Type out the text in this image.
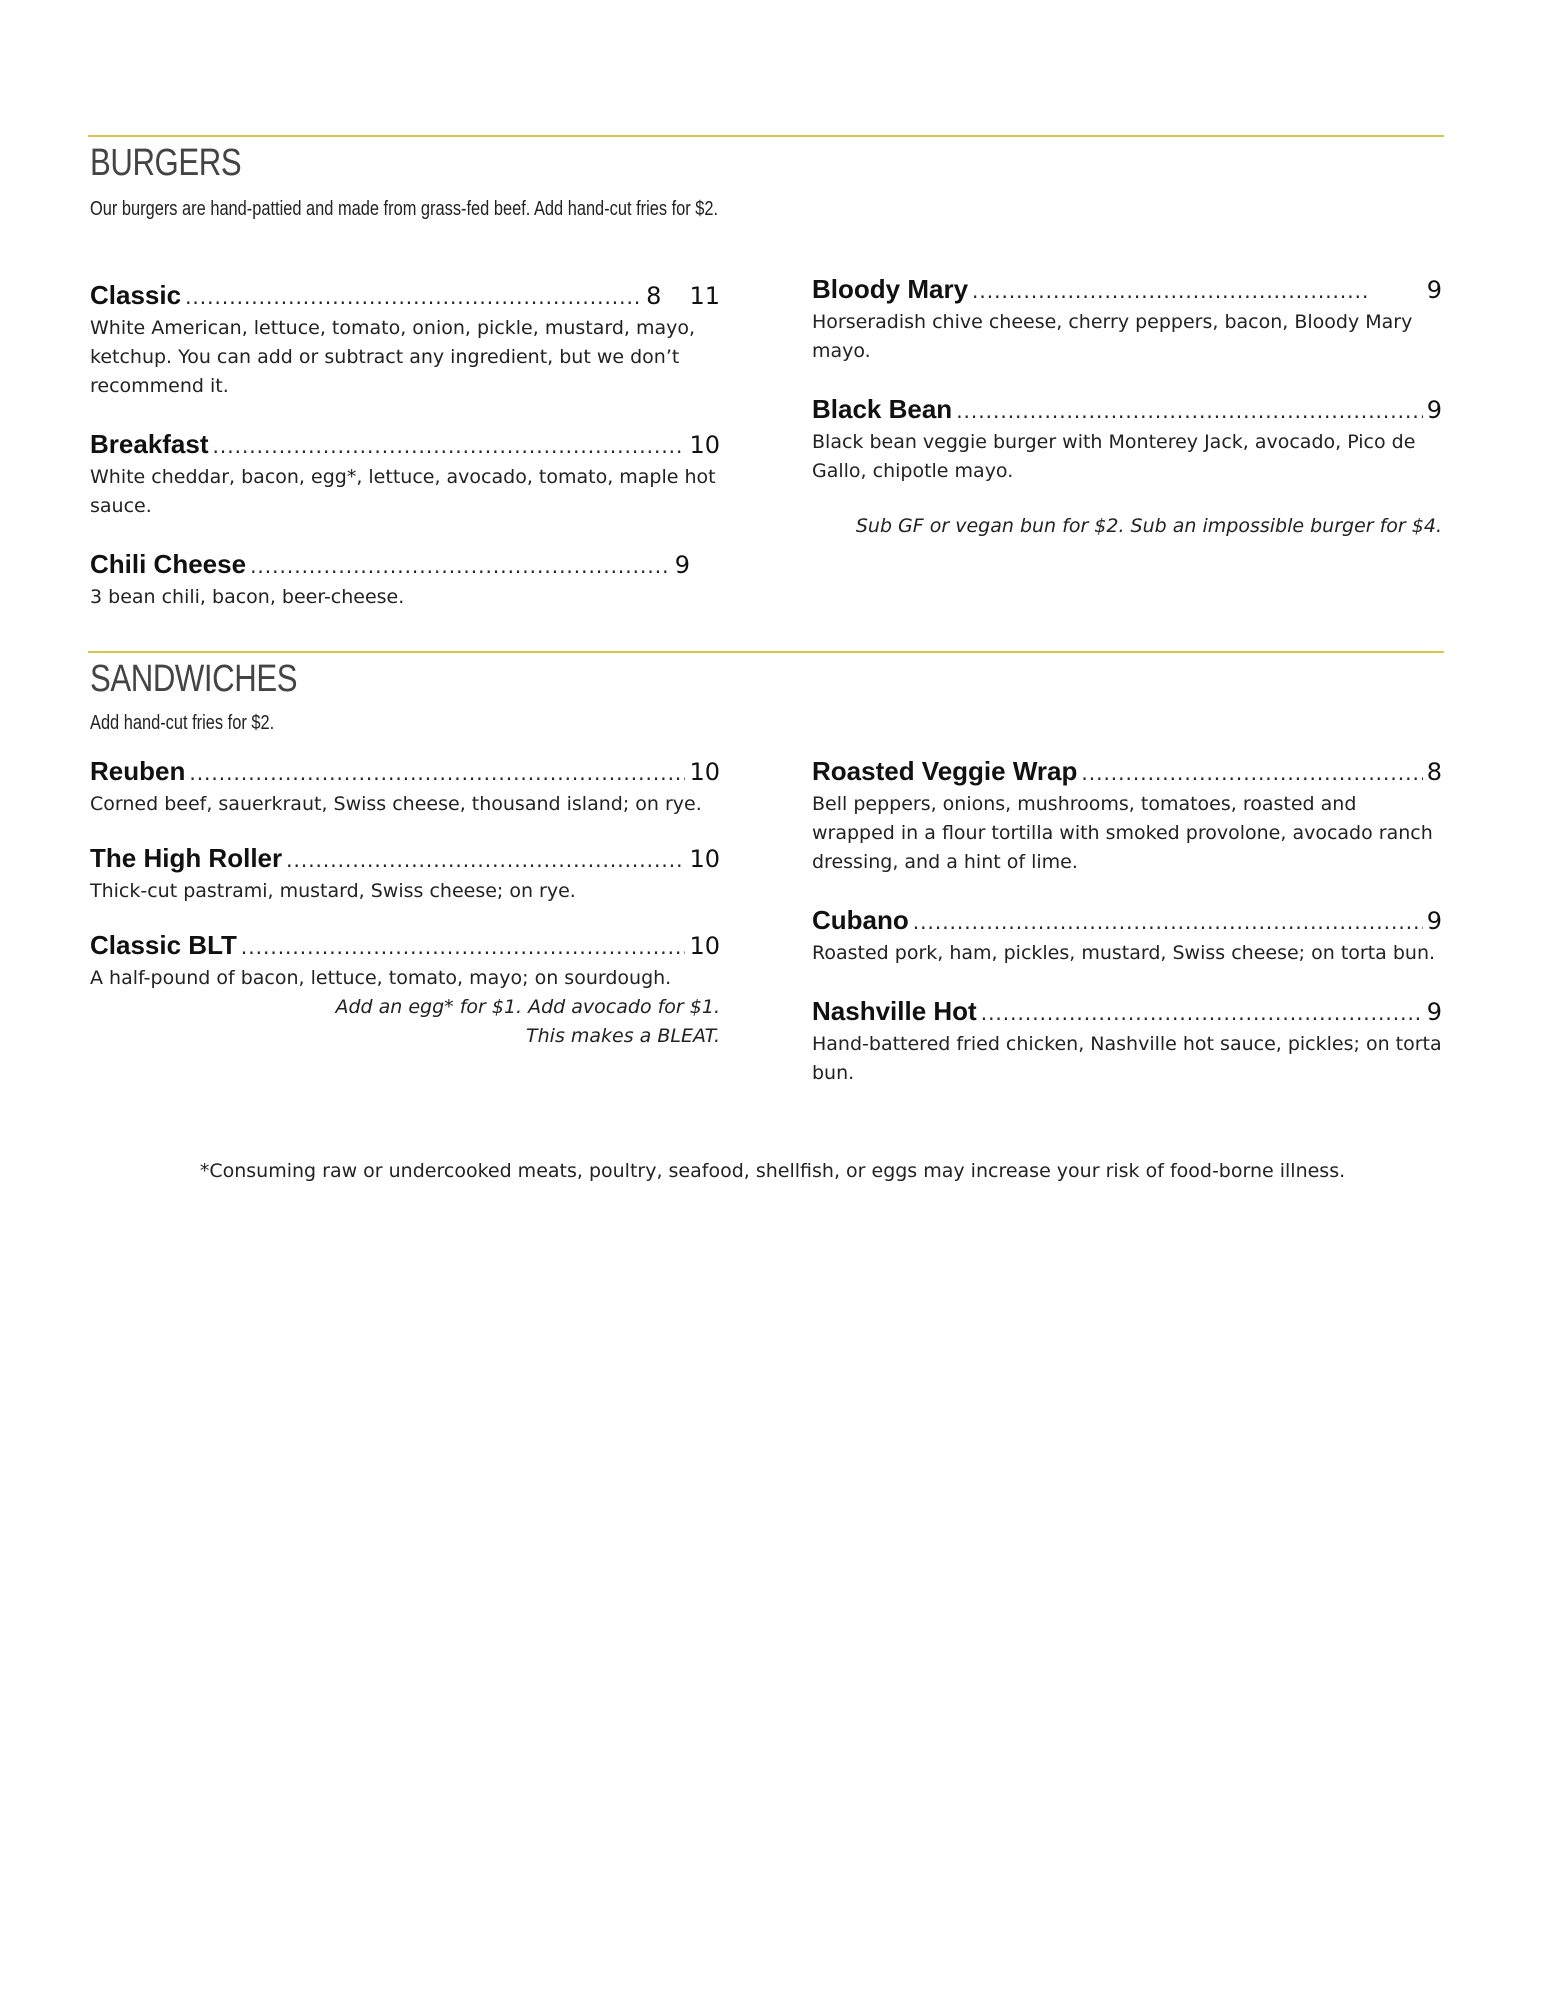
BURGERS
Our burgers are hand-pattied and made from grass-fed beef. Add hand-cut fries for $2.
Classic .....	8 11
White American, lettuce, tomato, onion, pickle, mustard, mayo, ketchup. You can add or subtract any ingredient, but we don’t recommend it.
Breakfast .....	10
White cheddar, bacon, egg*, lettuce, avocado, tomato, maple hot sauce.
Chili Cheese .....	9
3 bean chili, bacon, beer-cheese.
Bloody Mary .....	9
Horseradish chive cheese, cherry peppers, bacon, Bloody Mary mayo.
Black Bean .....	9
Black bean veggie burger with Monterey Jack, avocado, Pico de Gallo, chipotle mayo.
Sub GF or vegan bun for $2. Sub an impossible burger for $4.
SANDWICHES
Add hand-cut fries for $2.
Reuben .....	10
Corned beef, sauerkraut, Swiss cheese, thousand island; on rye.
The High Roller .....	10
Thick-cut pastrami, mustard, Swiss cheese; on rye.
Classic BLT .....	10
A half-pound of bacon, lettuce, tomato, mayo; on sourdough.
Add an egg* for $1. Add avocado for $1.
This makes a BLEAT.
Roasted Veggie Wrap .....	8
Bell peppers, onions, mushrooms, tomatoes, roasted and wrapped in a flour tortilla with smoked provolone, avocado ranch dressing, and a hint of lime.
Cubano .....	9
Roasted pork, ham, pickles, mustard, Swiss cheese; on torta bun.
Nashville Hot .....	9
Hand-battered fried chicken, Nashville hot sauce, pickles; on torta bun.
*Consuming raw or undercooked meats, poultry, seafood, shellfish, or eggs may increase your risk of food-borne illness.
